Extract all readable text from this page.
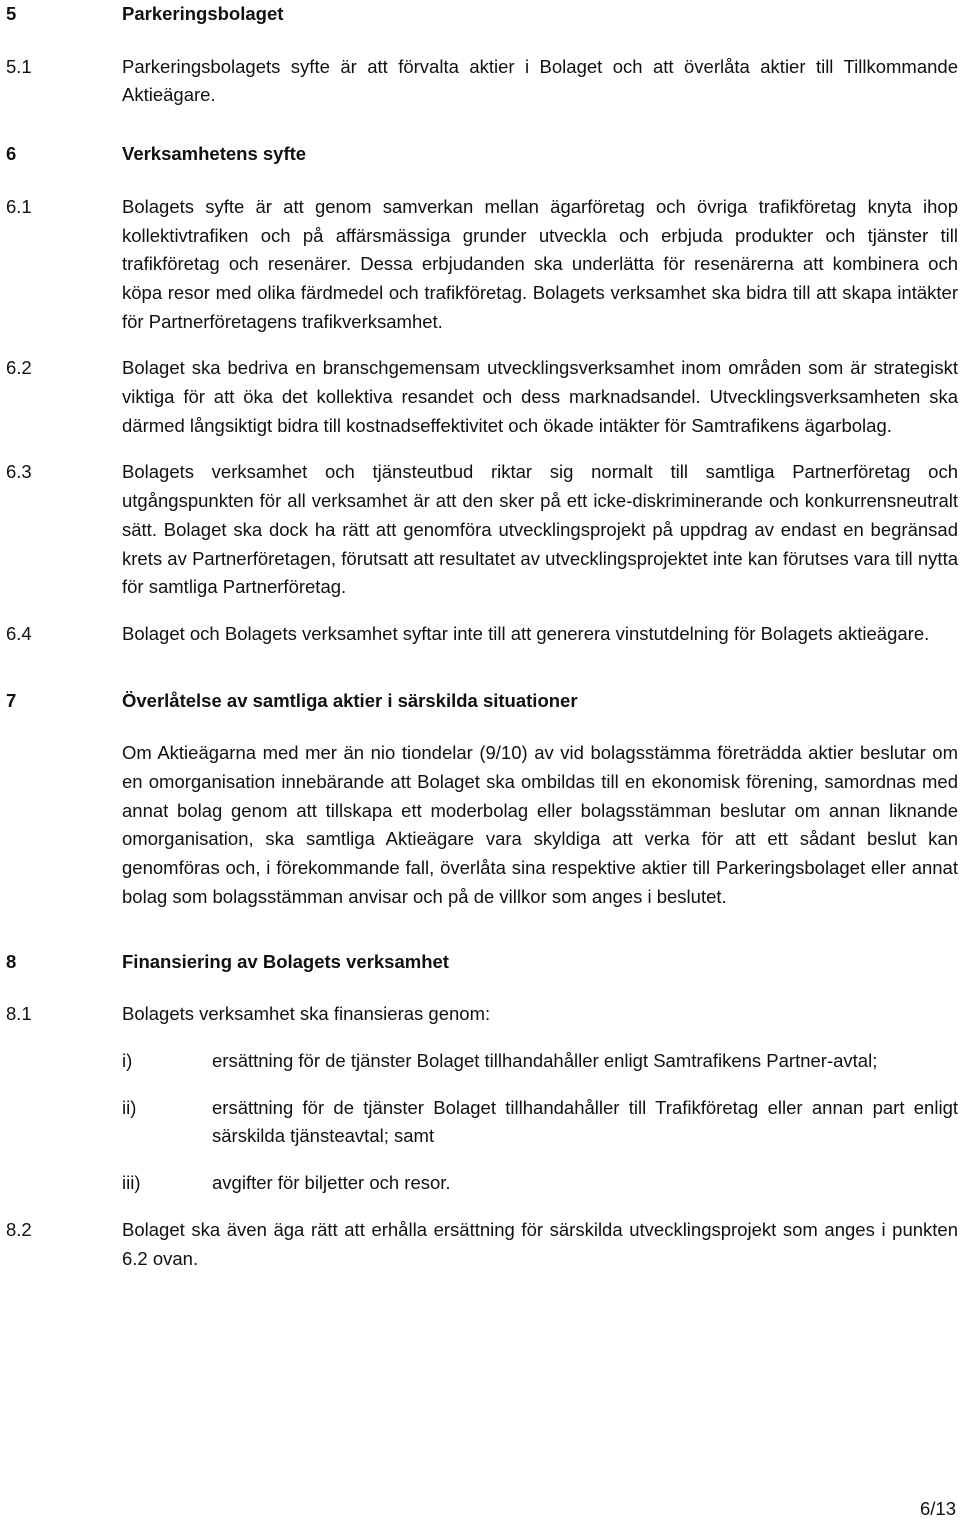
5	Parkeringsbolaget
5.1	Parkeringsbolagets syfte är att förvalta aktier i Bolaget och att överlåta aktier till Tillkommande Aktieägare.
6	Verksamhetens syfte
6.1	Bolagets syfte är att genom samverkan mellan ägarföretag och övriga trafikföretag knyta ihop kollektivtrafiken och på affärsmässiga grunder utveckla och erbjuda produkter och tjänster till trafikföretag och resenärer. Dessa erbjudanden ska underlätta för resenärerna att kombinera och köpa resor med olika färdmedel och trafikföretag. Bolagets verksamhet ska bidra till att skapa intäkter för Partnerföretagens trafikverksamhet.
6.2	Bolaget ska bedriva en branschgemensam utvecklingsverksamhet inom områden som är strategiskt viktiga för att öka det kollektiva resandet och dess marknadsandel. Utvecklingsverksamheten ska därmed långsiktigt bidra till kostnadseffektivitet och ökade intäkter för Samtrafikens ägarbolag.
6.3	Bolagets verksamhet och tjänsteutbud riktar sig normalt till samtliga Partnerföretag och utgångspunkten för all verksamhet är att den sker på ett icke-diskriminerande och konkurrensneutralt sätt. Bolaget ska dock ha rätt att genomföra utvecklingsprojekt på uppdrag av endast en begränsad krets av Partnerföretagen, förutsatt att resultatet av utvecklingsprojektet inte kan förutses vara till nytta för samtliga Partnerföretag.
6.4	Bolaget och Bolagets verksamhet syftar inte till att generera vinstutdelning för Bolagets aktieägare.
7	Överlåtelse av samtliga aktier i särskilda situationer
Om Aktieägarna med mer än nio tiondelar (9/10) av vid bolagsstämma företrädda aktier beslutar om en omorganisation innebärande att Bolaget ska ombildas till en ekonomisk förening, samordnas med annat bolag genom att tillskapa ett moderbolag eller bolagsstämman beslutar om annan liknande omorganisation, ska samtliga Aktieägare vara skyldiga att verka för att ett sådant beslut kan genomföras och, i förekommande fall, överlåta sina respektive aktier till Parkeringsbolaget eller annat bolag som bolagsstämman anvisar och på de villkor som anges i beslutet.
8	Finansiering av Bolagets verksamhet
8.1	Bolagets verksamhet ska finansieras genom:
i)	ersättning för de tjänster Bolaget tillhandahåller enligt Samtrafikens Partner-avtal;
ii)	ersättning för de tjänster Bolaget tillhandahåller till Trafikföretag eller annan part enligt särskilda tjänsteavtal; samt
iii)	avgifter för biljetter och resor.
8.2	Bolaget ska även äga rätt att erhålla ersättning för särskilda utvecklingsprojekt som anges i punkten 6.2 ovan.
6/13
